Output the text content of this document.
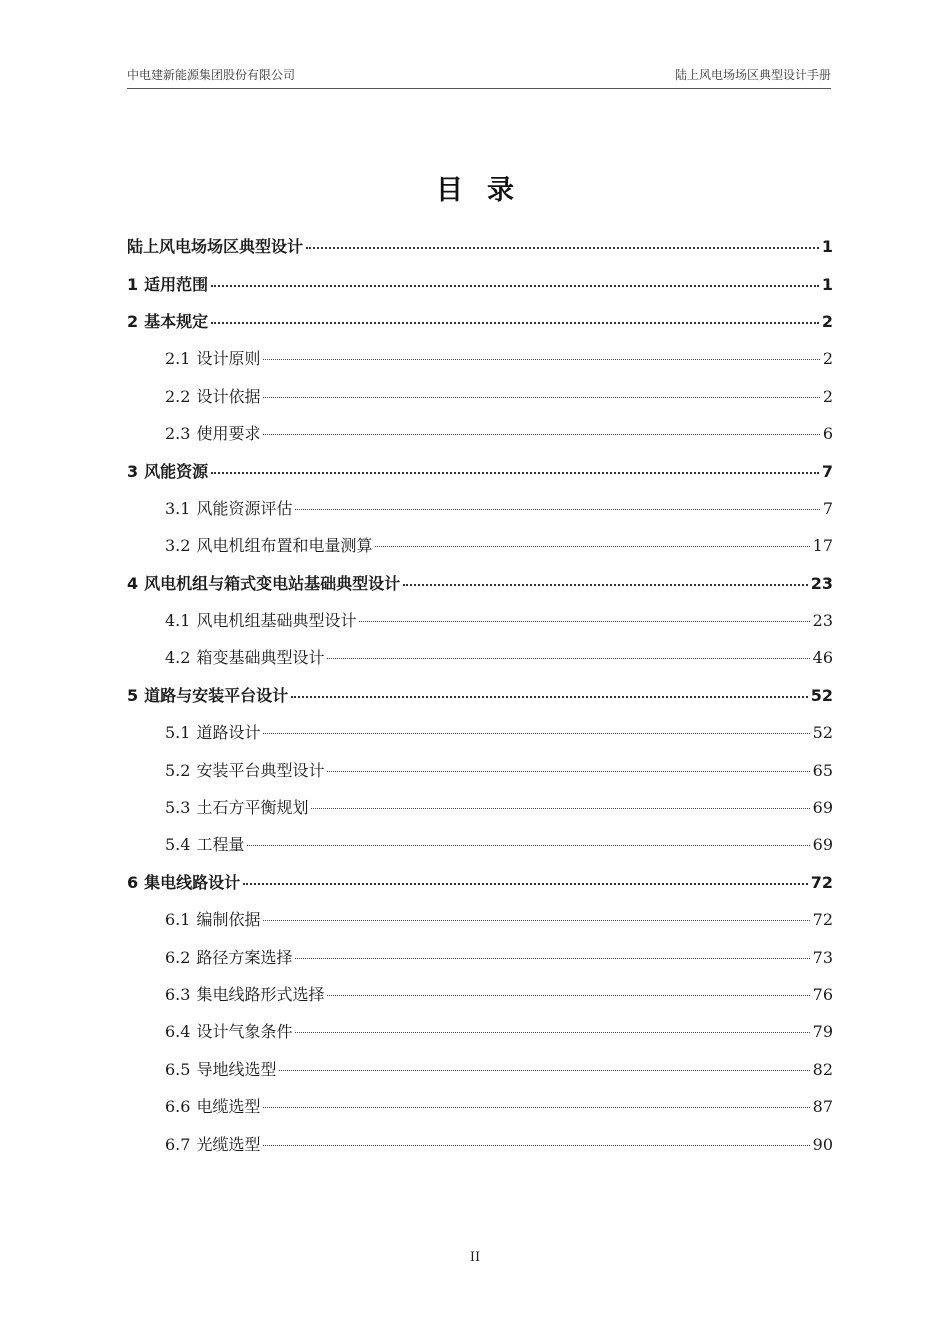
中电建新能源集团股份有限公司	陆上风电场场区典型设计手册
目录
陆上风电场场区典型设计	1
1 适用范围	1
2 基本规定	2
2.1 设计原则	2
2.2 设计依据	2
2.3 使用要求	6
3 风能资源	7
3.1 风能资源评估	7
3.2 风电机组布置和电量测算	17
4 风电机组与箱式变电站基础典型设计	23
4.1 风电机组基础典型设计	23
4.2 箱变基础典型设计	46
5 道路与安装平台设计	52
5.1 道路设计	52
5.2 安装平台典型设计	65
5.3 土石方平衡规划	69
5.4 工程量	69
6 集电线路设计	72
6.1 编制依据	72
6.2 路径方案选择	73
6.3 集电线路形式选择	76
6.4 设计气象条件	79
6.5 导地线选型	82
6.6 电缆选型	87
6.7 光缆选型	90
II
